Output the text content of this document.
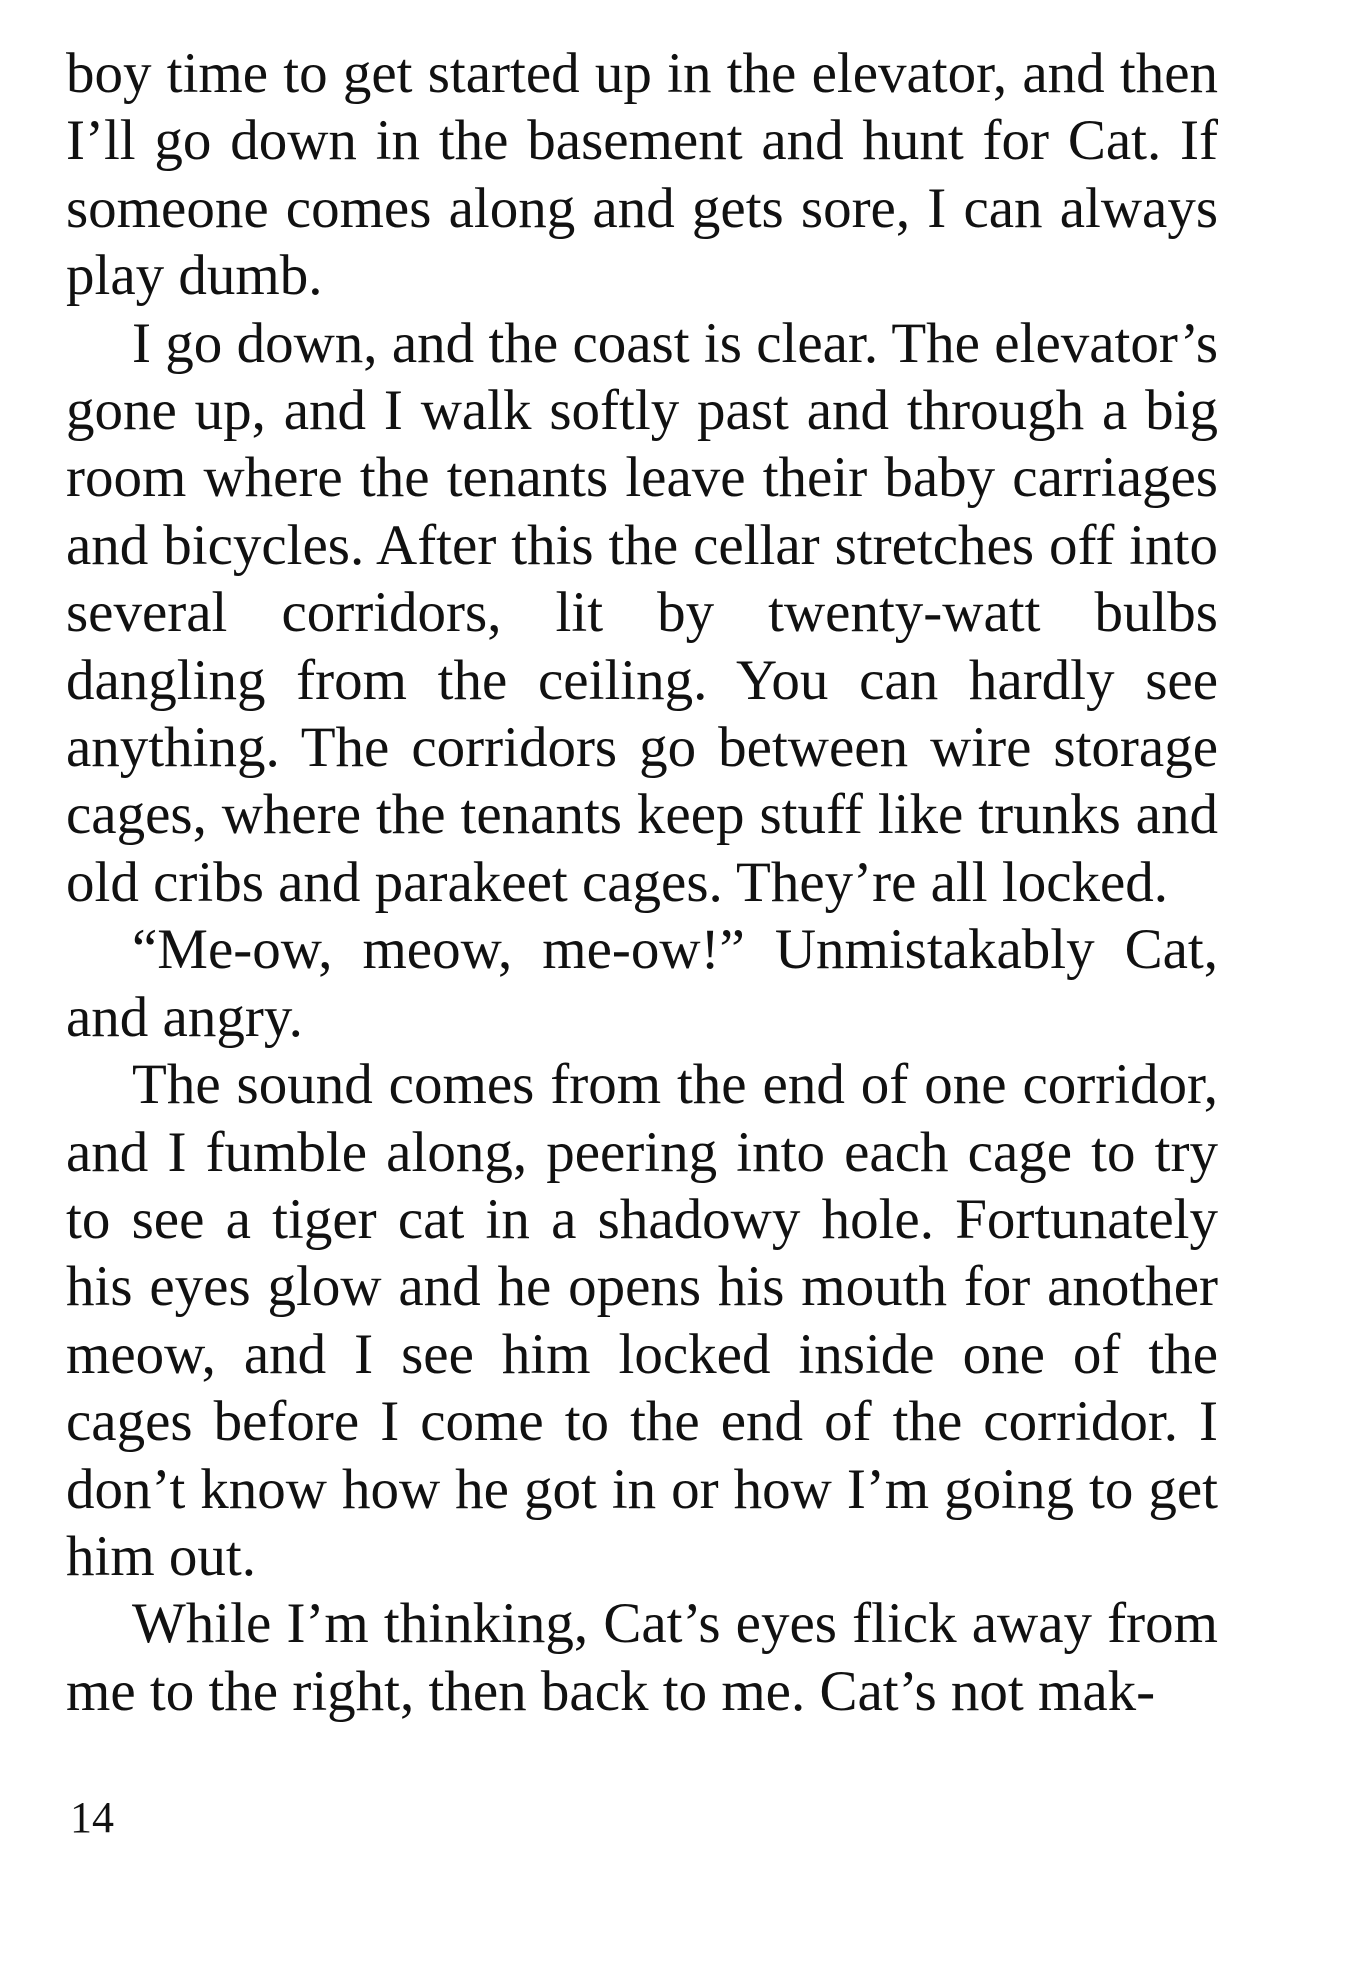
boy time to get started up in the elevator, and then I’ll go down in the basement and hunt for Cat. If someone comes along and gets sore, I can always play dumb.

I go down, and the coast is clear. The elevator’s gone up, and I walk softly past and through a big room where the tenants leave their baby carriages and bicycles. After this the cellar stretches off into several corridors, lit by twenty-watt bulbs dangling from the ceiling. You can hardly see anything. The corridors go between wire storage cages, where the tenants keep stuff like trunks and old cribs and parakeet cages. They’re all locked.

“Me-ow, meow, me-ow!” Unmistakably Cat, and angry.

The sound comes from the end of one corridor, and I fumble along, peering into each cage to try to see a tiger cat in a shadowy hole. Fortunately his eyes glow and he opens his mouth for another meow, and I see him locked inside one of the cages before I come to the end of the corridor. I don’t know how he got in or how I’m going to get him out.

While I’m thinking, Cat’s eyes flick away from me to the right, then back to me. Cat’s not mak-

14
